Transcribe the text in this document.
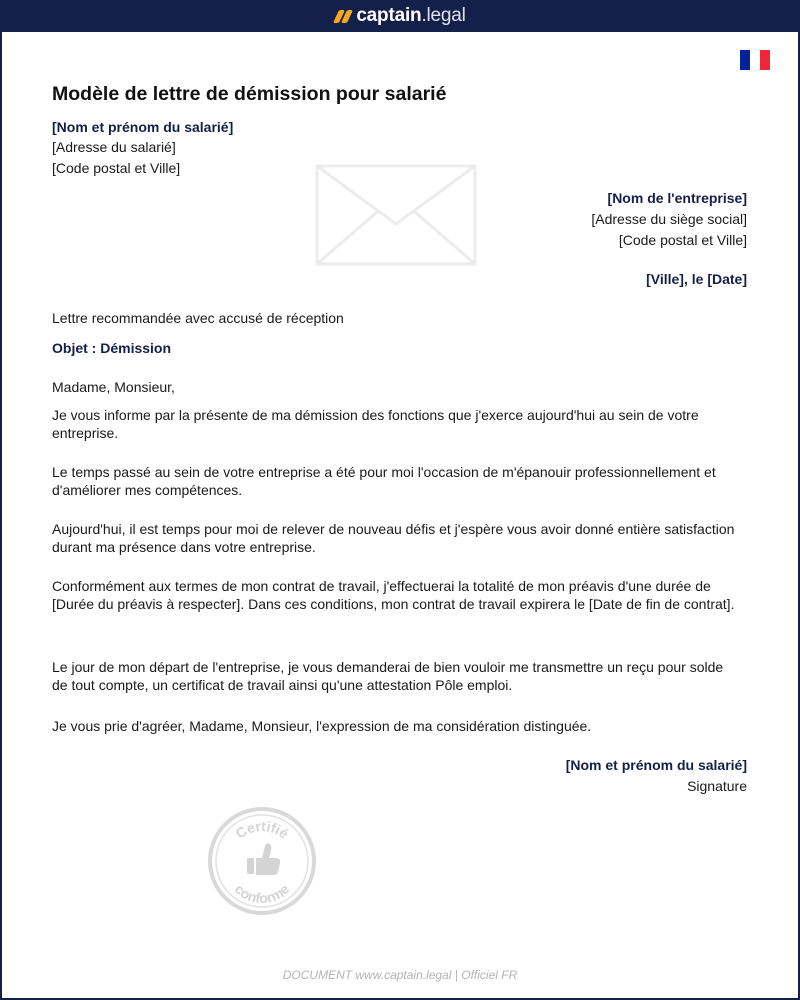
captain .legal
Modèle de lettre de démission pour salarié
[Nom et prénom du salarié]
[Adresse du salarié]
[Code postal et Ville]
[Nom de l'entreprise]
[Adresse du siège social]
[Code postal et Ville]
[Ville], le [Date]
Lettre recommandée avec accusé de réception
Objet : Démission
Madame, Monsieur,

Je vous informe par la présente de ma démission des fonctions que j'exerce aujourd'hui au sein de votre entreprise.

Le temps passé au sein de votre entreprise a été pour moi l'occasion de m'épanouir professionnellement et d'améliorer mes compétences.

Aujourd'hui, il est temps pour moi de relever de nouveau défis et j'espère vous avoir donné entière satisfaction durant ma présence dans votre entreprise.

Conformément aux termes de mon contrat de travail, j'effectuerai la totalité de mon préavis d'une durée de [Durée du préavis à respecter]. Dans ces conditions, mon contrat de travail expirera le [Date de fin de contrat].

Le jour de mon départ de l'entreprise, je vous demanderai de bien vouloir me transmettre un reçu pour solde de tout compte, un certificat de travail ainsi qu'une attestation Pôle emploi.

Je vous prie d'agréer, Madame, Monsieur, l'expression de ma considération distinguée.

[Nom et prénom du salarié]
Signature
Certifié
conforme
DOCUMENT www.captain.legal | Officiel FR
